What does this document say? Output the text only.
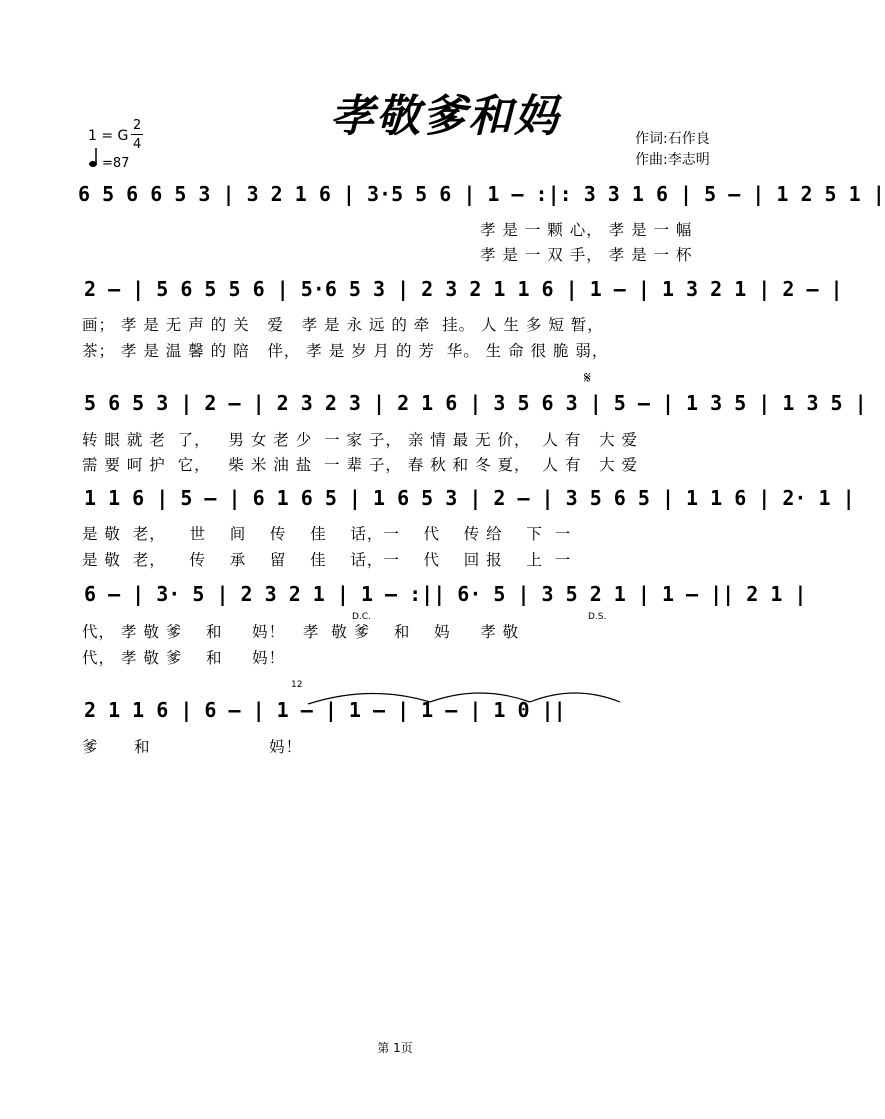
孝敬爹和妈
1 = G
2
4
=87
作词:石作良
作曲:李志明
6 5 6 6 5 3 | 3 2 1 6 | 3·5 5 6 | 1 – :|: 3 3 1 6 | 5 – | 1 2 5 1 |
孝 是 一 颗 心， 孝 是 一 幅
孝 是 一 双 手， 孝 是 一 杯
2 – | 5 6 5 5 6 | 5·6 5 3 | 2 3 2 1 1 6 | 1 – | 1 3 2 1 | 2 – |
画； 孝 是 无 声 的 关   爱   孝 是 永 远 的 牵  挂。 人 生 多 短 暂，
茶； 孝 是 温 馨 的 陪   伴， 孝 是 岁 月 的 芳  华。 生 命 很 脆 弱，
𝄋
5 6 5 3 | 2 – | 2 3 2 3 | 2 1 6 | 3 5 6 3 | 5 – | 1 3 5 | 1 3 5 |
转 眼 就 老  了，   男 女 老 少  一 家 子， 亲 情 最 无 价，  人 有   大 爱
需 要 呵 护  它，   柴 米 油 盐  一 辈 子， 春 秋 和 冬 夏，  人 有   大 爱
1 1 6 | 5 – | 6 1 6 5 | 1 6 5 3 | 2 – | 3 5 6 5 | 1 1 6 | 2· 1 |
是 敬  老，    世    间    传    佳    话，一    代    传 给    下  一
是 敬  老，    传    承    留    佳    话，一    代    回 报    上  一
6 – | 3· 5 | 2 3 2 1 | 1 – :|| 6· 5 | 3 5 2 1 | 1 – || 2 1 |
D.C.	D.S.
代， 孝 敬 爹    和     妈！   孝  敬 爹    和    妈     孝 敬
代， 孝 敬 爹    和     妈！
12
2 1 1 6 | 6 – | 1 – | 1 – | 1 – | 1 0 ||
爹      和                    妈！
第 1页
